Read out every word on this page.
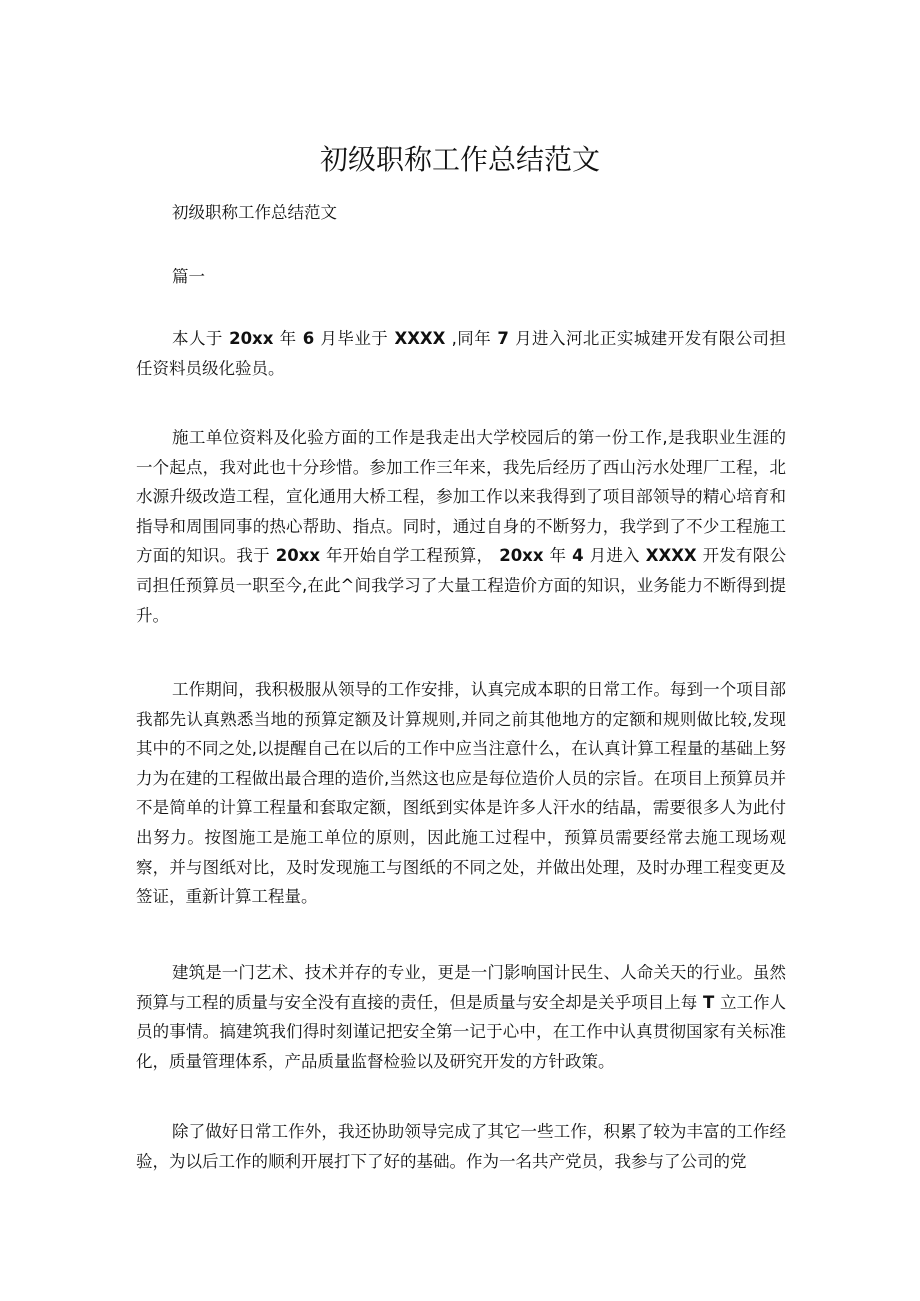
初级职称工作总结范文

初级职称工作总结范文

篇一

本人于 20xx 年 6 月毕业于 XXXX ,同年 7 月进入河北正实城建开发有限公司担任资料员级化验员。

施工单位资料及化验方面的工作是我走出大学校园后的第一份工作,是我职业生涯的一个起点，我对此也十分珍惜。参加工作三年来，我先后经历了西山污水处理厂工程，北水源升级改造工程，宣化通用大桥工程，参加工作以来我得到了项目部领导的精心培育和指导和周围同事的热心帮助、指点。同时，通过自身的不断努力，我学到了不少工程施工方面的知识。我于 20xx 年开始自学工程预算， 20xx 年 4 月进入 XXXX 开发有限公司担任预算员一职至今,在此^间我学习了大量工程造价方面的知识，业务能力不断得到提升。

工作期间，我积极服从领导的工作安排，认真完成本职的日常工作。每到一个项目部我都先认真熟悉当地的预算定额及计算规则,并同之前其他地方的定额和规则做比较,发现其中的不同之处,以提醒自己在以后的工作中应当注意什么，在认真计算工程量的基础上努力为在建的工程做出最合理的造价,当然这也应是每位造价人员的宗旨。在项目上预算员并不是简单的计算工程量和套取定额，图纸到实体是许多人汗水的结晶，需要很多人为此付出努力。按图施工是施工单位的原则，因此施工过程中，预算员需要经常去施工现场观察，并与图纸对比，及时发现施工与图纸的不同之处，并做出处理，及时办理工程变更及签证，重新计算工程量。

建筑是一门艺术、技术并存的专业，更是一门影响国计民生、人命关天的行业。虽然预算与工程的质量与安全没有直接的责任，但是质量与安全却是关乎项目上每 T 立工作人员的事情。搞建筑我们得时刻谨记把安全第一记于心中，在工作中认真贯彻国家有关标准化，质量管理体系，产品质量监督检验以及研究开发的方针政策。

除了做好日常工作外，我还协助领导完成了其它一些工作，积累了较为丰富的工作经验，为以后工作的顺利开展打下了好的基础。作为一名共产党员，我参与了公司的党
